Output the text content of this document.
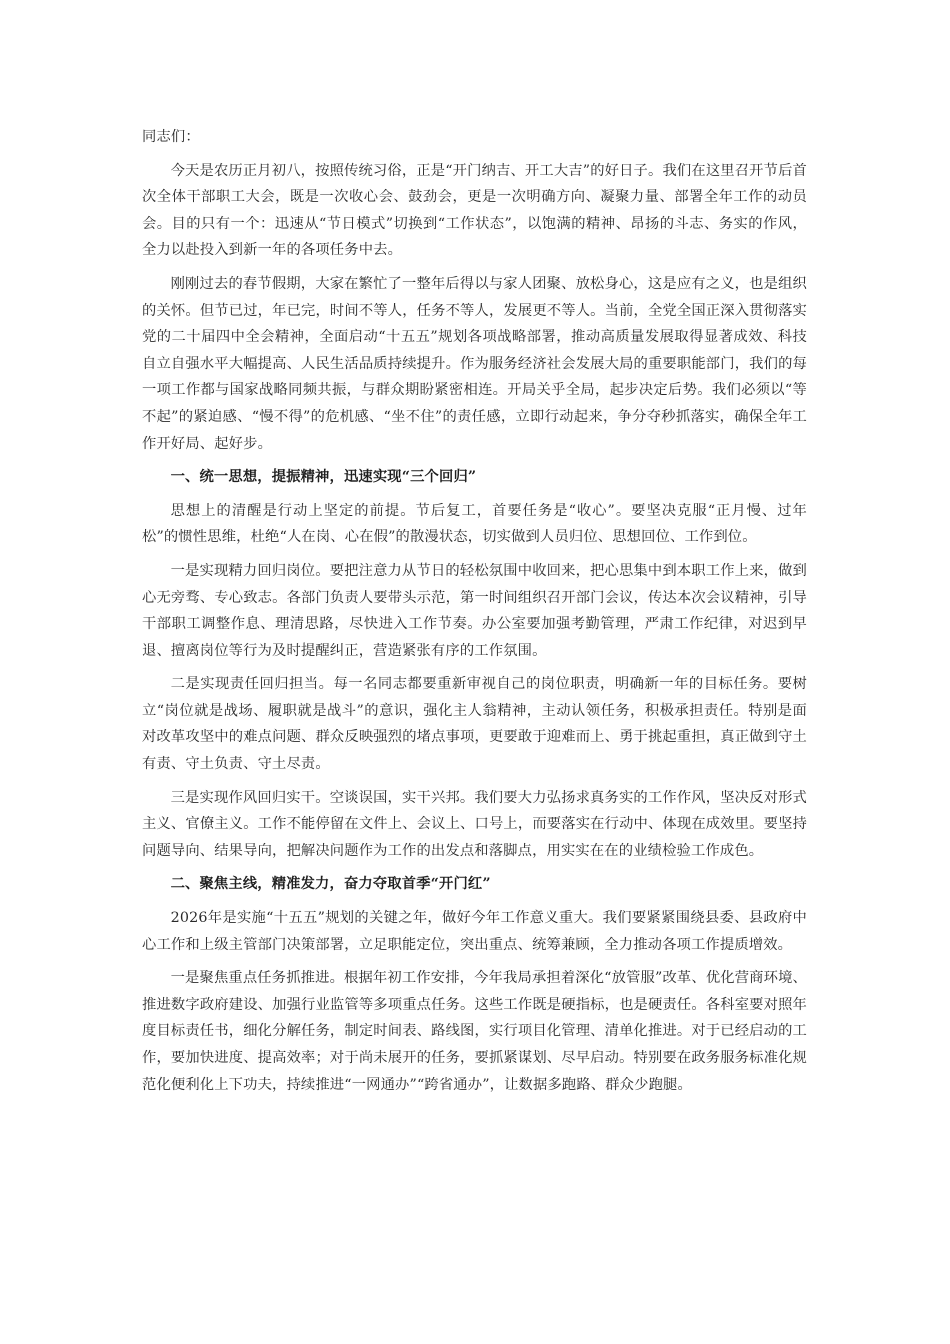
同志们：

今天是农历正月初八，按照传统习俗，正是“开门纳吉、开工大吉”的好日子。我们在这里召开节后首次全体干部职工大会，既是一次收心会、鼓劲会，更是一次明确方向、凝聚力量、部署全年工作的动员会。目的只有一个：迅速从“节日模式”切换到“工作状态”，以饱满的精神、昂扬的斗志、务实的作风，全力以赴投入到新一年的各项任务中去。

刚刚过去的春节假期，大家在繁忙了一整年后得以与家人团聚、放松身心，这是应有之义，也是组织的关怀。但节已过，年已完，时间不等人，任务不等人，发展更不等人。当前，全党全国正深入贯彻落实党的二十届四中全会精神，全面启动“十五五”规划各项战略部署，推动高质量发展取得显著成效、科技自立自强水平大幅提高、人民生活品质持续提升。作为服务经济社会发展大局的重要职能部门，我们的每一项工作都与国家战略同频共振，与群众期盼紧密相连。开局关乎全局，起步决定后势。我们必须以“等不起”的紧迫感、“慢不得”的危机感、“坐不住”的责任感，立即行动起来，争分夺秒抓落实，确保全年工作开好局、起好步。

一、统一思想，提振精神，迅速实现“三个回归”

思想上的清醒是行动上坚定的前提。节后复工，首要任务是“收心”。要坚决克服“正月慢、过年松”的惯性思维，杜绝“人在岗、心在假”的散漫状态，切实做到人员归位、思想回位、工作到位。

一是实现精力回归岗位。要把注意力从节日的轻松氛围中收回来，把心思集中到本职工作上来，做到心无旁骛、专心致志。各部门负责人要带头示范，第一时间组织召开部门会议，传达本次会议精神，引导干部职工调整作息、理清思路，尽快进入工作节奏。办公室要加强考勤管理，严肃工作纪律，对迟到早退、擅离岗位等行为及时提醒纠正，营造紧张有序的工作氛围。

二是实现责任回归担当。每一名同志都要重新审视自己的岗位职责，明确新一年的目标任务。要树立“岗位就是战场、履职就是战斗”的意识，强化主人翁精神，主动认领任务，积极承担责任。特别是面对改革攻坚中的难点问题、群众反映强烈的堵点事项，更要敢于迎难而上、勇于挑起重担，真正做到守土有责、守土负责、守土尽责。

三是实现作风回归实干。空谈误国，实干兴邦。我们要大力弘扬求真务实的工作作风，坚决反对形式主义、官僚主义。工作不能停留在文件上、会议上、口号上，而要落实在行动中、体现在成效里。要坚持问题导向、结果导向，把解决问题作为工作的出发点和落脚点，用实实在在的业绩检验工作成色。

二、聚焦主线，精准发力，奋力夺取首季“开门红”

2026年是实施“十五五”规划的关键之年，做好今年工作意义重大。我们要紧紧围绕县委、县政府中心工作和上级主管部门决策部署，立足职能定位，突出重点、统筹兼顾，全力推动各项工作提质增效。

一是聚焦重点任务抓推进。根据年初工作安排，今年我局承担着深化“放管服”改革、优化营商环境、推进数字政府建设、加强行业监管等多项重点任务。这些工作既是硬指标，也是硬责任。各科室要对照年度目标责任书，细化分解任务，制定时间表、路线图，实行项目化管理、清单化推进。对于已经启动的工作，要加快进度、提高效率；对于尚未展开的任务，要抓紧谋划、尽早启动。特别要在政务服务标准化规范化便利化上下功夫，持续推进“一网通办”“跨省通办”，让数据多跑路、群众少跑腿。
